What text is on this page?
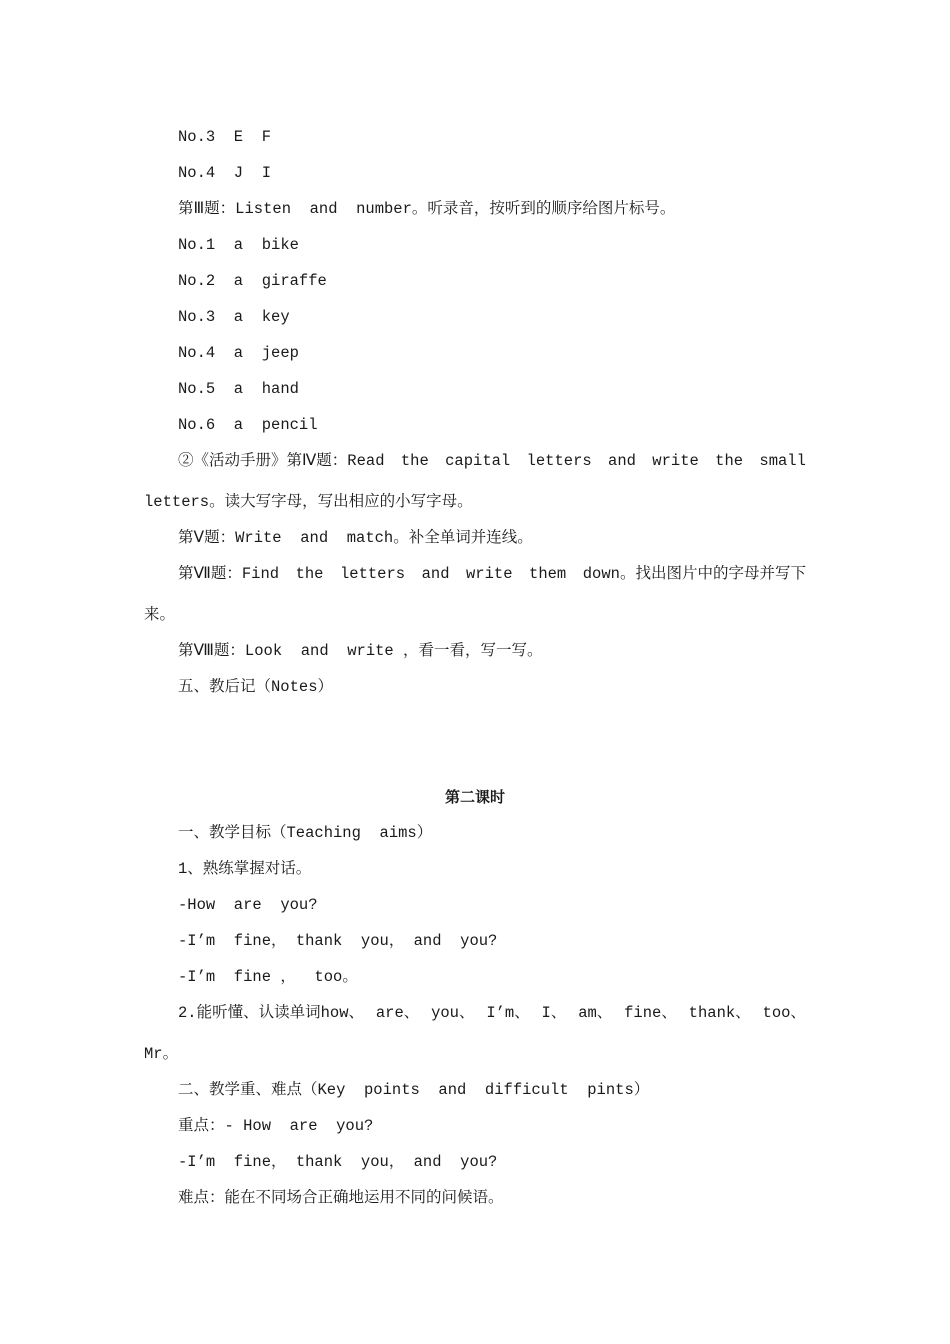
No.3  E  F
No.4  J  I
第Ⅲ题：Listen  and  number。听录音，按听到的顺序给图片标号。
No.1  a  bike
No.2  a  giraffe
No.3  a  key
No.4  a  jeep
No.5  a  hand
No.6  a  pencil
②《活动手册》第Ⅳ题：Read the capital letters and write the small
letters。读大写字母，写出相应的小写字母。
第Ⅴ题：Write  and  match。补全单词并连线。
第Ⅶ题：Find the letters and write them down。找出图片中的字母并写下
来。
第Ⅷ题：Look  and  write ，看一看，写一写。
五、教后记（Notes）
第二课时
一、教学目标（Teaching  aims）
1、熟练掌握对话。
-How  are  you?
-I’m  fine， thank  you， and  you?
-I’m  fine ，  too。
2.能听懂、认读单词how、 are、 you、 I’m、 I、 am、 fine、 thank、 too、
Mr。
二、教学重、难点（Key  points  and  difficult  pints）
重点：- How  are  you?
-I’m  fine， thank  you， and  you?
难点：能在不同场合正确地运用不同的问候语。
